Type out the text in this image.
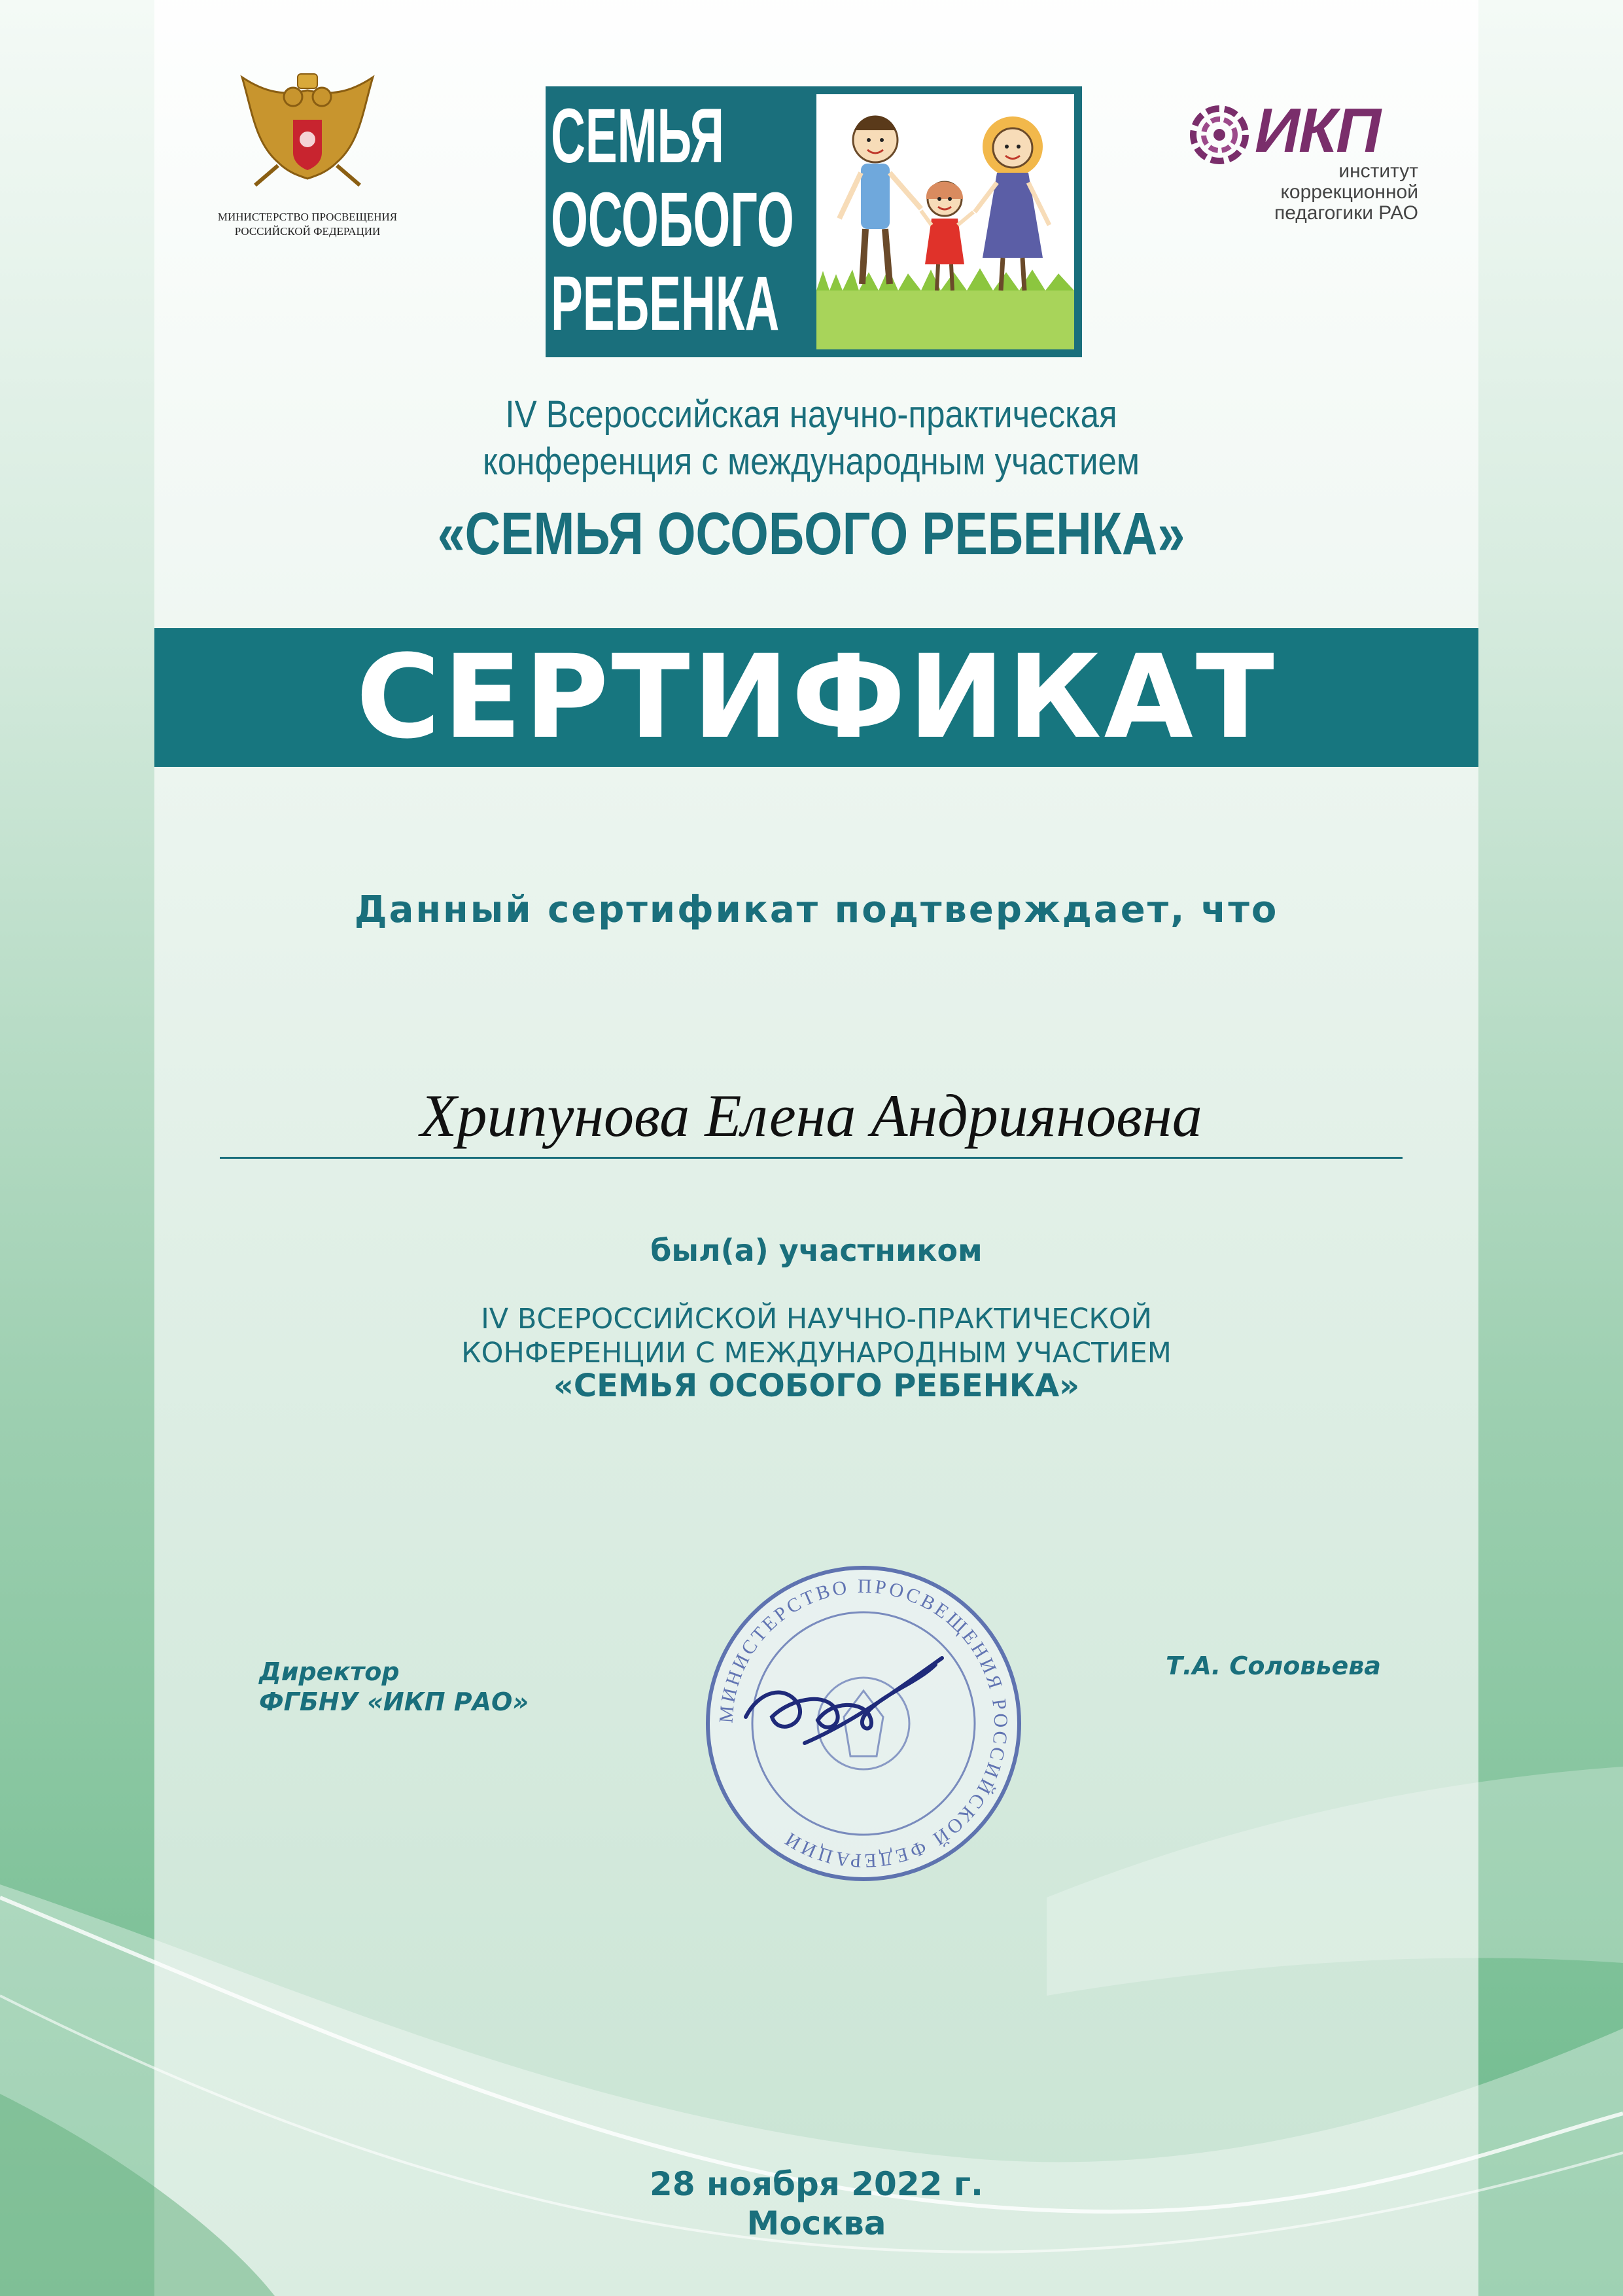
МИНИСТЕРСТВО ПРОСВЕЩЕНИЯ РОССИЙСКОЙ ФЕДЕРАЦИИ
СЕМЬЯ
ОСОБОГО
РЕБЕНКА
ИКП
институт
коррекционной
педагогики РАО
IV Всероссийская научно-практическая
конференция с международным участием
«СЕМЬЯ ОСОБОГО РЕБЕНКА»
СЕРТИФИКАТ
Данный сертификат подтверждает, что
Хрипунова Елена Андрияновна
был(а) участником
IV ВСЕРОССИЙСКОЙ НАУЧНО-ПРАКТИЧЕСКОЙ
КОНФЕРЕНЦИИ С МЕЖДУНАРОДНЫМ УЧАСТИЕМ
«СЕМЬЯ ОСОБОГО РЕБЕНКА»
Директор
ФГБНУ «ИКП РАО»
Т.А. Соловьева
МИНИСТЕРСТВО ПРОСВЕЩЕНИЯ РОССИЙСКОЙ ФЕДЕРАЦИИ
28 ноября 2022 г.
Москва
